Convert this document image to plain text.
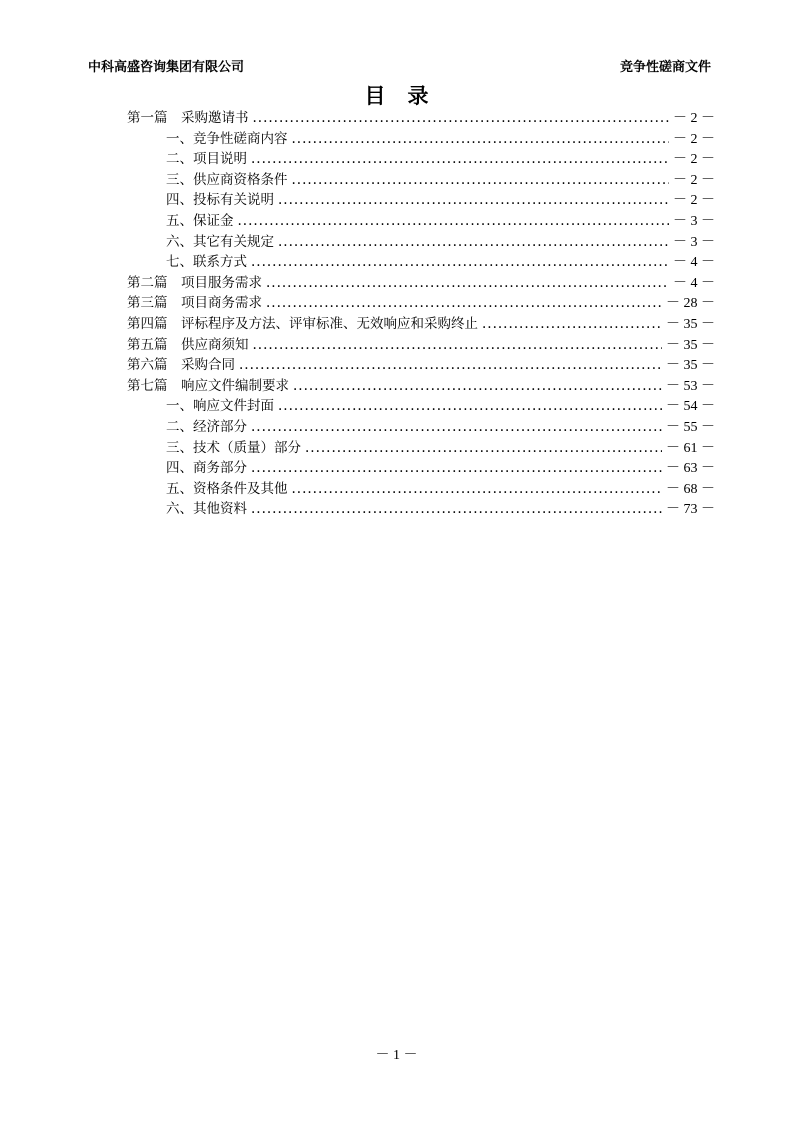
中科高盛咨询集团有限公司	竞争性磋商文件
目录
第一篇　采购邀请书 .....	－ 2 －
一、竞争性磋商内容 .....	－ 2 －
二、项目说明 .....	－ 2 －
三、供应商资格条件 .....	－ 2 －
四、投标有关说明 .....	－ 2 －
五、保证金 .....	－ 3 －
六、其它有关规定 .....	－ 3 －
七、联系方式 .....	－ 4 －
第二篇　项目服务需求 .....	－ 4 －
第三篇　项目商务需求 .....	－ 28 －
第四篇　评标程序及方法、评审标准、无效响应和采购终止 .....	－ 35 －
第五篇　供应商须知 .....	－ 35 －
第六篇　采购合同 .....	－ 35 －
第七篇　响应文件编制要求 .....	－ 53 －
一、响应文件封面 .....	－ 54 －
二、经济部分 .....	－ 55 －
三、技术（质量）部分 .....	－ 61 －
四、商务部分 .....	－ 63 －
五、资格条件及其他 .....	－ 68 －
六、其他资料 .....	－ 73 －
－ 1 －
